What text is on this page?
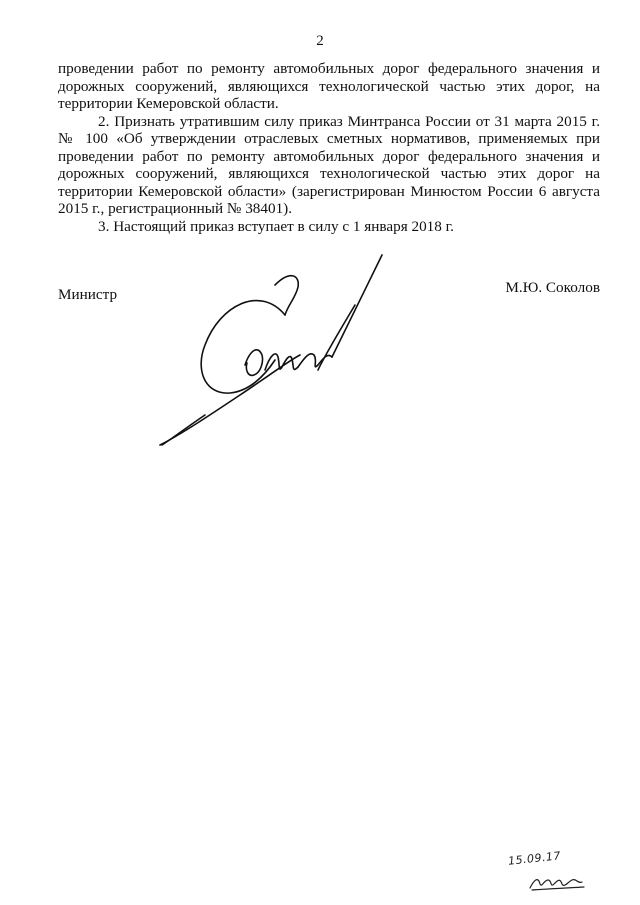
2

проведении работ по ремонту автомобильных дорог федерального значения и дорожных сооружений, являющихся технологической частью этих дорог, на территории Кемеровской области.

2. Признать утратившим силу приказ Минтранса России от 31 марта 2015 г. № 100 «Об утверждении отраслевых сметных нормативов, применяемых при проведении работ по ремонту автомобильных дорог федерального значения и дорожных сооружений, являющихся технологической частью этих дорог на территории Кемеровской области» (зарегистрирован Минюстом России 6 августа 2015 г., регистрационный № 38401).

3. Настоящий приказ вступает в силу с 1 января 2018 г.

Министр	М.Ю. Соколов
15.09.17
